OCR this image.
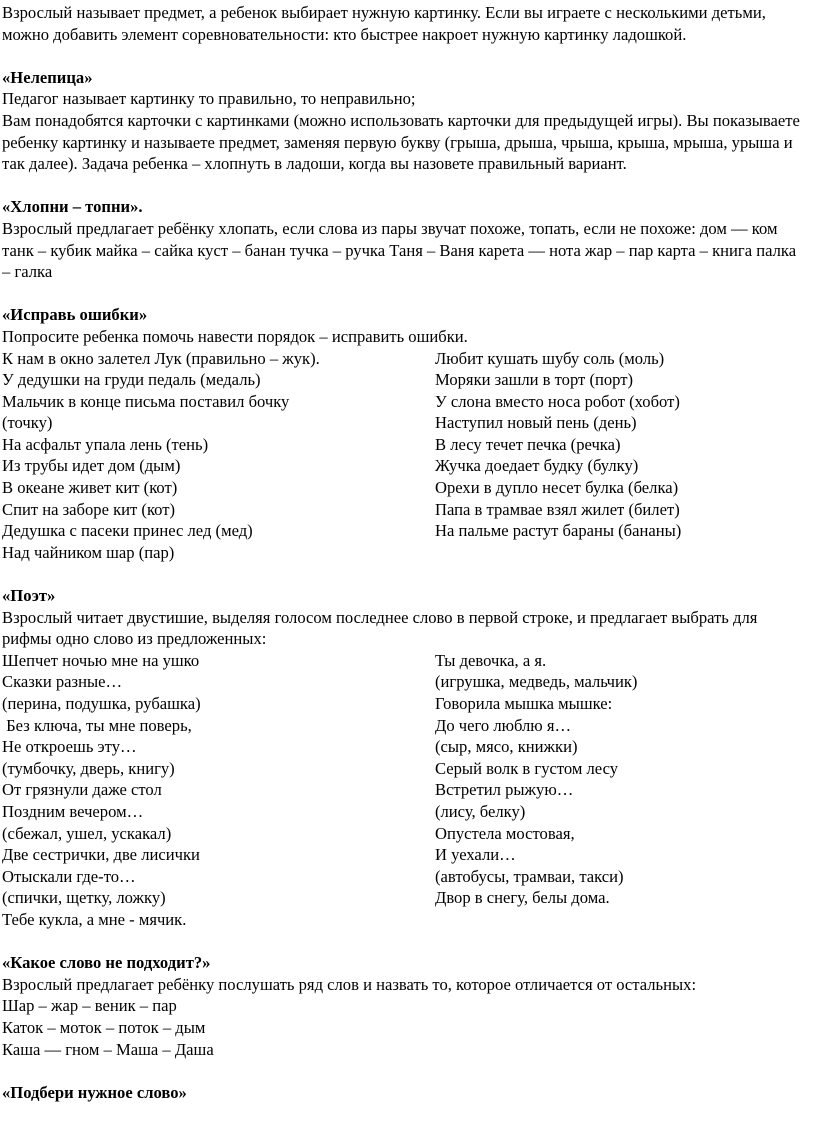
Взрослый называет предмет, а ребенок выбирает нужную картинку. Если вы играете с несколькими детьми, можно добавить элемент соревновательности: кто быстрее накроет нужную картинку ладошкой.

«Нелепица»

Педагог называет картинку то правильно, то неправильно;

Вам понадобятся карточки с картинками (можно использовать карточки для предыдущей игры). Вы показываете ребенку картинку и называете предмет, заменяя первую букву (грыша, дрыша, чрыша, крыша, мрыша, урыша и так далее). Задача ребенка – хлопнуть в ладоши, когда вы назовете правильный вариант.

«Хлопни – топни».

Взрослый предлагает ребёнку хлопать, если слова из пары звучат похоже, топать, если не похоже: дом — ком танк – кубик майка – сайка куст – банан тучка – ручка Таня – Ваня карета — нота жар – пар карта – книга палка – галка

«Исправь ошибки»

Попросите ребенка помочь навести порядок – исправить ошибки.

К нам в окно залетел Лук (правильно – жук).

У дедушки на груди педаль (медаль)

Мальчик в конце письма поставил бочку

(точку)

На асфальт упала лень (тень)

Из трубы идет дом (дым)

В океане живет кит (кот)

Спит на заборе кит (кот)

Дедушка с пасеки принес лед (мед)

Над чайником шар (пар)

Любит кушать шубу соль (моль)

Моряки зашли в торт (порт)

У слона вместо носа робот (хобот)

Наступил новый пень (день)

В лесу течет печка (речка)

Жучка доедает будку (булку)

Орехи в дупло несет булка (белка)

Папа в трамвае взял жилет (билет)

На пальме растут бараны (бананы)

«Поэт»

Взрослый читает двустишие, выделяя голосом последнее слово в первой строке, и предлагает выбрать для рифмы одно слово из предложенных:

Шепчет ночью мне на ушко

Сказки разные…

(перина, подушка, рубашка)

Без ключа, ты мне поверь,

Не откроешь эту…

(тумбочку, дверь, книгу)

От грязнули даже стол

Поздним вечером…

(сбежал, ушел, ускакал)

Две сестрички, две лисички

Отыскали где-то…

(спички, щетку, ложку)

Тебе кукла, а мне - мячик.

Ты девочка, а я.

(игрушка, медведь, мальчик)

Говорила мышка мышке:

До чего люблю я…

(сыр, мясо, книжки)

Серый волк в густом лесу

Встретил рыжую…

(лису, белку)

Опустела мостовая,

И уехали…

(автобусы, трамваи, такси)

Двор в снегу, белы дома.

«Какое слово не подходит?»

Взрослый предлагает ребёнку послушать ряд слов и назвать то, которое отличается от остальных:

Шар – жар – веник – пар

Каток – моток – поток – дым

Каша — гном – Маша – Даша

«Подбери нужное слово»
